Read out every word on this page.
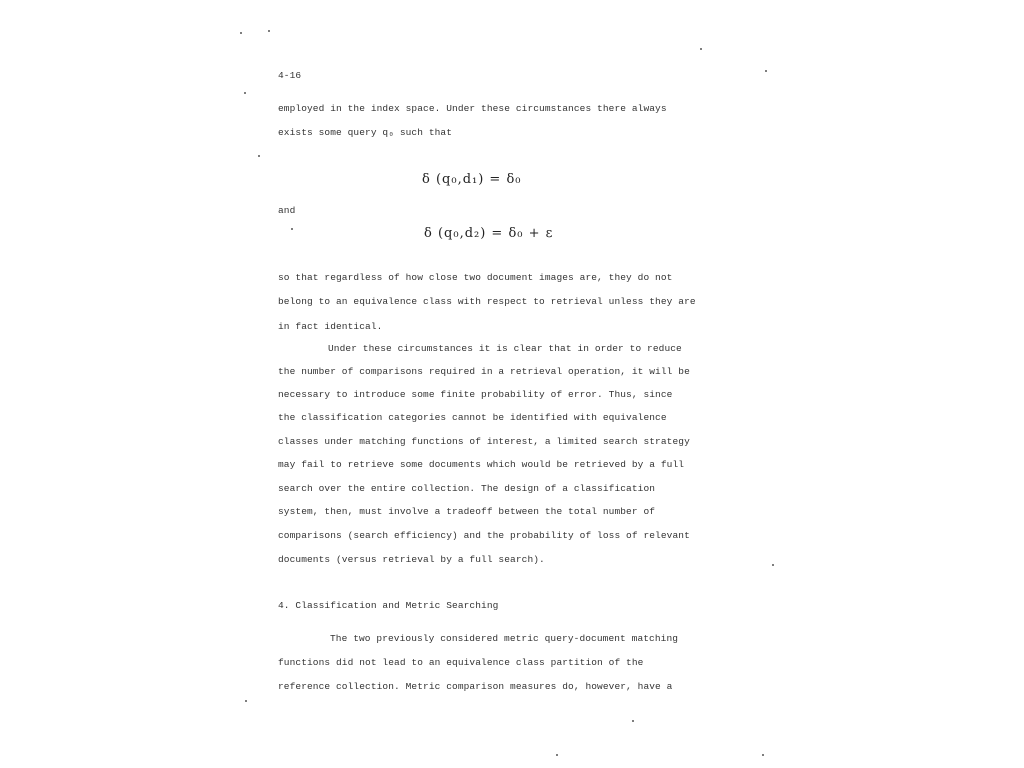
4-16
employed in the index space. Under these circumstances there always
exists some query q₀ such that
δ (q₀,d₁) = δ₀
and
δ (q₀,d₂) = δ₀ + ε
so that regardless of how close two document images are, they do not
belong to an equivalence class with respect to retrieval unless they are
in fact identical.
Under these circumstances it is clear that in order to reduce
the number of comparisons required in a retrieval operation, it will be
necessary to introduce some finite probability of error. Thus, since
the classification categories cannot be identified with equivalence
classes under matching functions of interest, a limited search strategy
may fail to retrieve some documents which would be retrieved by a full
search over the entire collection. The design of a classification
system, then, must involve a tradeoff between the total number of
comparisons (search efficiency) and the probability of loss of relevant
documents (versus retrieval by a full search).
4. Classification and Metric Searching
The two previously considered metric query-document matching
functions did not lead to an equivalence class partition of the
reference collection. Metric comparison measures do, however, have a
